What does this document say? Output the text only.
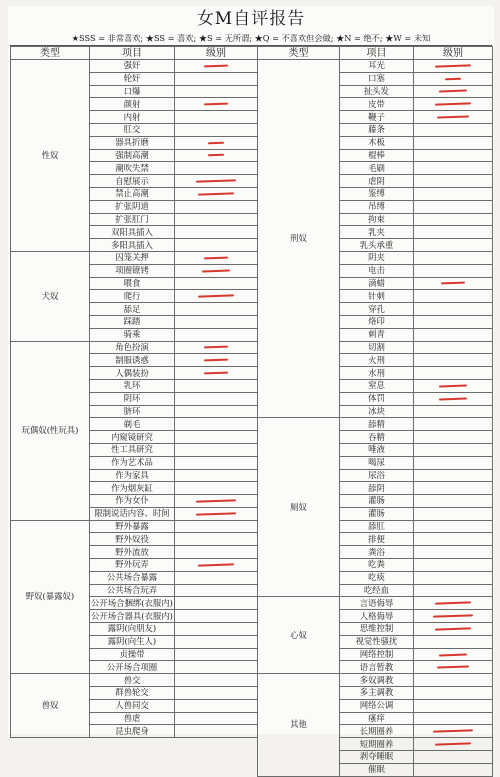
女M自评报告
★SSS = 非常喜欢; ★SS = 喜欢; ★S = 无所谓; ★Q = 不喜欢但会做; ★N = 绝不; ★W = 未知
类型	项目	级别
性奴	强奸	

	轮奸	
	口爆	
	颜射	

	内射	
	肛交	
	器具折磨	

	强制高潮	

	潮吹失禁	
	自慰展示	

	禁止高潮	

	扩张阴道	
	扩张肛门	
	双阳具插入	
	多阳具插入	
犬奴	囚笼关押	

	项圈镣铐	

	喂食	
	爬行	

	舔足	
	踩踏	
	骑乘	
玩偶奴(性玩具)	角色扮演	

	制服诱惑	

	人偶装扮	

	乳环	
	阴环	
	脐环	
	剃毛	
	内窥镜研究	
	性工具研究	
	作为艺术品	
	作为家具	
	作为烟灰缸	
	作为女仆	

	限制说话内容、时间	

野奴(暴露奴)	野外暴露	
	野外奴役	
	野外流放	
	野外玩弄	

	公共场合暴露	
	公共场合玩弄	
	公开场合捆绑(衣服内)	
	公开场合器具(衣服内)	
	露阴(向朋友)	
	露阴(向生人)	
	贞操带	
	公开场合项圈	
兽奴	兽交	
	群兽轮交	
	人兽同交	
	兽虐	
	昆虫爬身	
类型	项目	级别
刑奴	耳光	

	口塞	

	扯头发	

	皮带	

	鞭子	

	藤条	
	木板	
	棍棒	
	毛刷	
	虐阴	
	鉴缚	
	吊缚	
	拘束	
	乳夹	
	乳头承重	
	阴夹	
	电击	
	滴蜡	

	针刺	
	穿孔	
	烙印	
	刺青	
	切割	
	火刑	
	水刑	
	窒息	

	体罚	

	冰块	
厕奴	舔精	
	吞精	
	唾液	
	喝尿	
	尿浴	
	舔阴	
	灌肠	
	灌肠	
	舔肛	
	排便	
	粪浴	
	吃粪	
	吃痰	
	吃经血	
心奴	言语侮辱	

	人格侮辱	

	思维控制	

	视觉性骚扰	
	网络控制	

	语言暂教	

其他	多奴调教	
	多主调教	
	网络公调	
	瘙痒	
	长期圈养	

	短期圈养	

	剥夺睡眠	
	催眠	
